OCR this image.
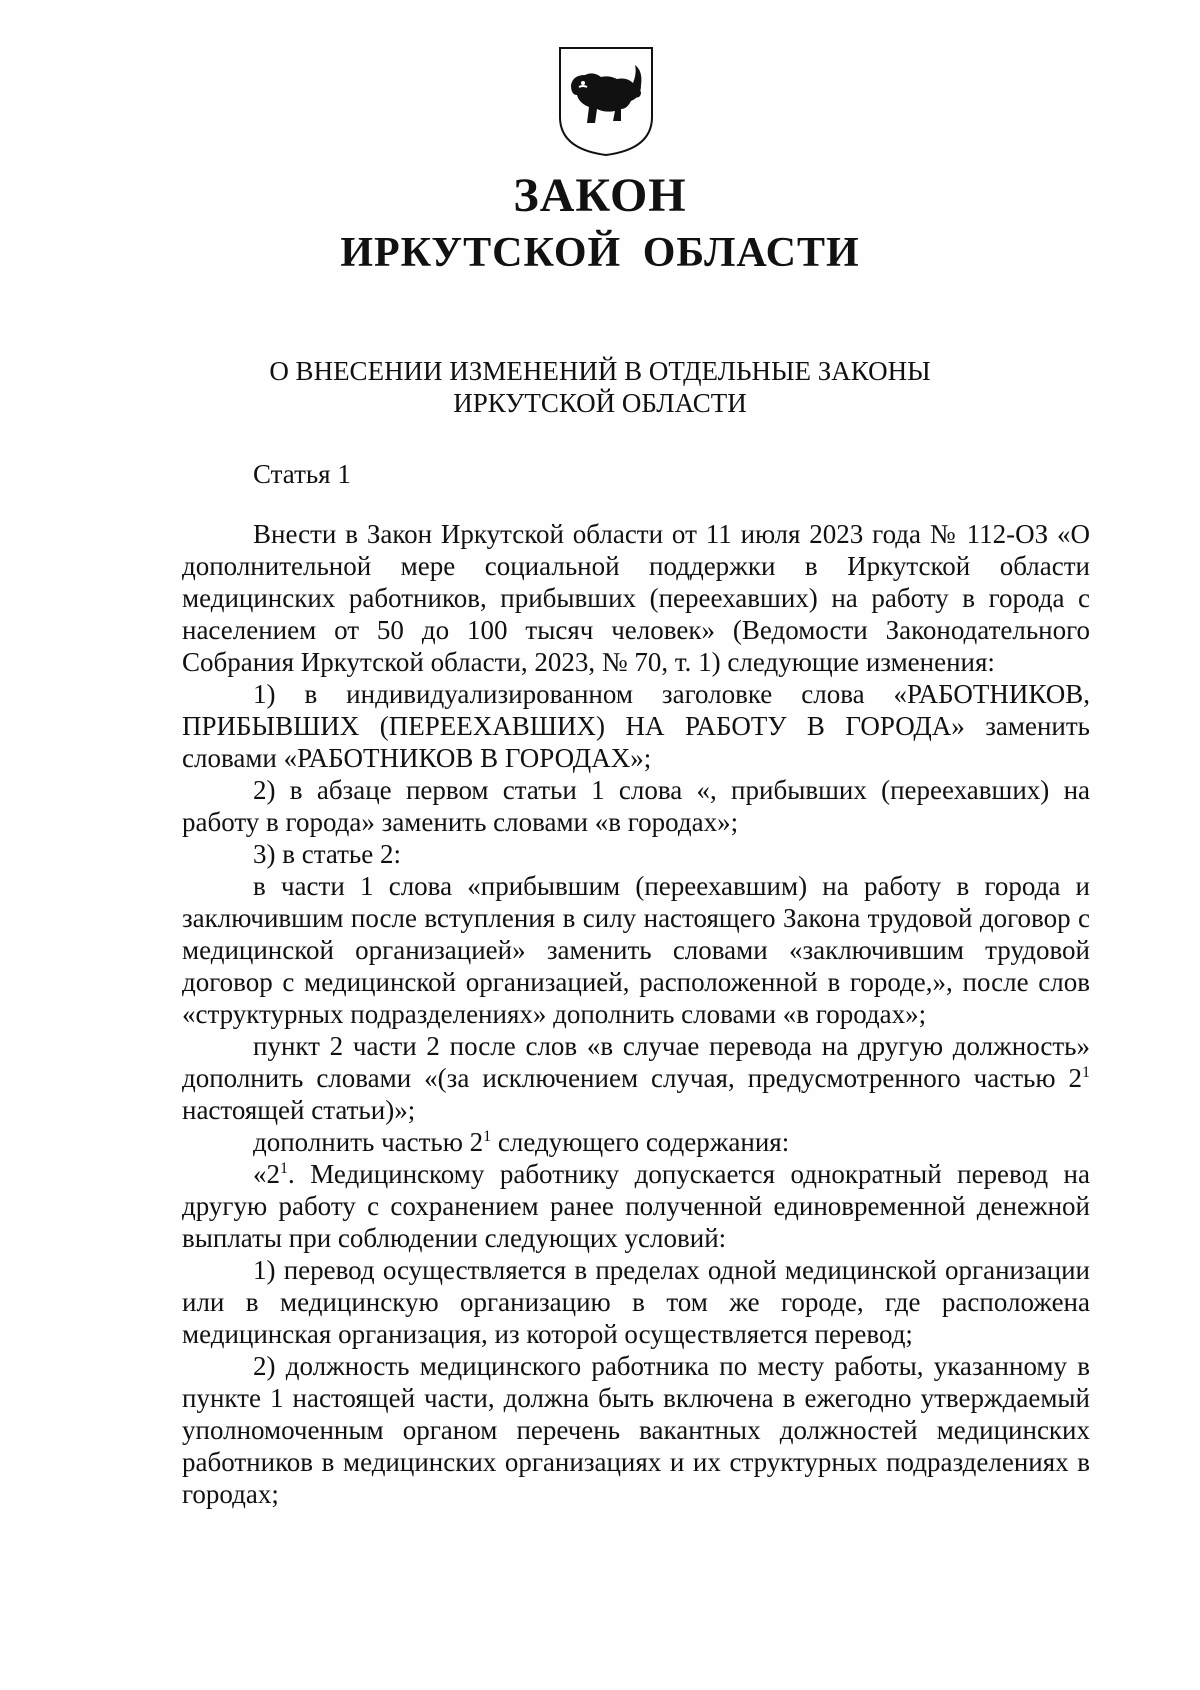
ЗАКОН
ИРКУТСКОЙ ОБЛАСТИ
О ВНЕСЕНИИ ИЗМЕНЕНИЙ В ОТДЕЛЬНЫЕ ЗАКОНЫ
ИРКУТСКОЙ ОБЛАСТИ
Статья 1

Внести в Закон Иркутской области от 11 июля 2023 года № 112-ОЗ «О дополнительной мере социальной поддержки в Иркутской области медицинских работников, прибывших (переехавших) на работу в города с населением от 50 до 100 тысяч человек» (Ведомости Законодательного Собрания Иркутской области, 2023, № 70, т. 1) следующие изменения:

1) в индивидуализированном заголовке слова «РАБОТНИКОВ, ПРИБЫВШИХ (ПЕРЕЕХАВШИХ) НА РАБОТУ В ГОРОДА» заменить словами «РАБОТНИКОВ В ГОРОДАХ»;

2) в абзаце первом статьи 1 слова «, прибывших (переехавших) на работу в города» заменить словами «в городах»;

3) в статье 2:

в части 1 слова «прибывшим (переехавшим) на работу в города и заключившим после вступления в силу настоящего Закона трудовой договор с медицинской организацией» заменить словами «заключившим трудовой договор с медицинской организацией, расположенной в городе,», после слов «структурных подразделениях» дополнить словами «в городах»;

пункт 2 части 2 после слов «в случае перевода на другую должность» дополнить словами «(за исключением случая, предусмотренного частью $2^1$ настоящей статьи)»;

дополнить частью $2^1$ следующего содержания:

«$2^1$. Медицинскому работнику допускается однократный перевод на другую работу с сохранением ранее полученной единовременной денежной выплаты при соблюдении следующих условий:

1) перевод осуществляется в пределах одной медицинской организации или в медицинскую организацию в том же городе, где расположена медицинская организация, из которой осуществляется перевод;

2) должность медицинского работника по месту работы, указанному в пункте 1 настоящей части, должна быть включена в ежегодно утверждаемый уполномоченным органом перечень вакантных должностей медицинских работников в медицинских организациях и их структурных подразделениях в городах;
